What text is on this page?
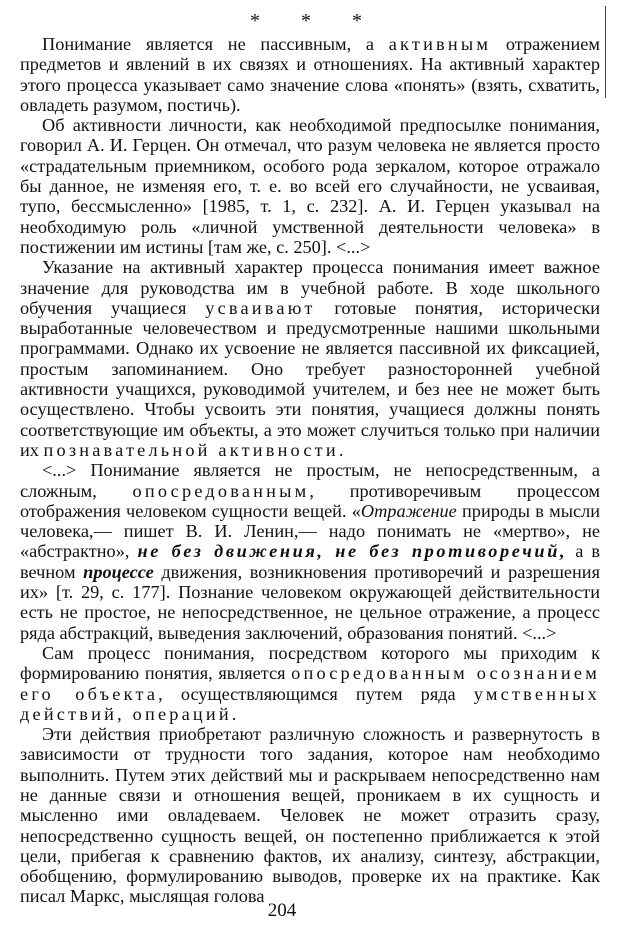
* * *

Понимание является не пассивным, а активным отражением предметов и явлений в их связях и отношениях. На активный характер этого процесса указывает само значение слова «понять» (взять, схватить, овладеть разумом, постичь).

Об активности личности, как необходимой предпосылке понимания, говорил А. И. Герцен. Он отмечал, что разум человека не является просто «страдательным приемником, особого рода зеркалом, которое отражало бы данное, не изменяя его, т. е. во всей его случайности, не усваивая, тупо, бессмысленно» [1985, т. 1, с. 232]. А. И. Герцен указывал на необходимую роль «личной умственной деятельности человека» в постижении им истины [там же, с. 250]. <...>

Указание на активный характер процесса понимания имеет важное значение для руководства им в учебной работе. В ходе школьного обучения учащиеся усваивают готовые понятия, исторически выработанные человечеством и предусмотренные нашими школьными программами. Однако их усвоение не является пассивной их фиксацией, простым запоминанием. Оно требует разносторонней учебной активности учащихся, руководимой учителем, и без нее не может быть осуществлено. Чтобы усвоить эти понятия, учащиеся должны понять соответствующие им объекты, а это может случиться только при наличии их познавательной активности.

<...> Понимание является не простым, не непосредственным, а сложным, опосредованным, противоречивым процессом отображения человеком сущности вещей. «Отражение природы в мысли человека,— пишет В. И. Ленин,— надо понимать не «мертво», не «абстрактно», не без движения, не без противоречий, а в вечном процессе движения, возникновения противоречий и разрешения их» [т. 29, с. 177]. Познание человеком окружающей действительности есть не простое, не непосредственное, не цельное отражение, а процесс ряда абстракций, выведения заключений, образования понятий. <...>

Сам процесс понимания, посредством которого мы приходим к формированию понятия, является опосредованным осознанием его объекта, осуществляющимся путем ряда умственных действий, операций.

Эти действия приобретают различную сложность и развернутость в зависимости от трудности того задания, которое нам необходимо выполнить. Путем этих действий мы и раскрываем непосредственно нам не данные связи и отношения вещей, проникаем в их сущность и мысленно ими овладеваем. Человек не может отразить сразу, непосредственно сущность вещей, он постепенно приближается к этой цели, прибегая к сравнению фактов, их анализу, синтезу, абстракции, обобщению, формулированию выводов, проверке их на практике. Как писал Маркс, мыслящая голова

204
